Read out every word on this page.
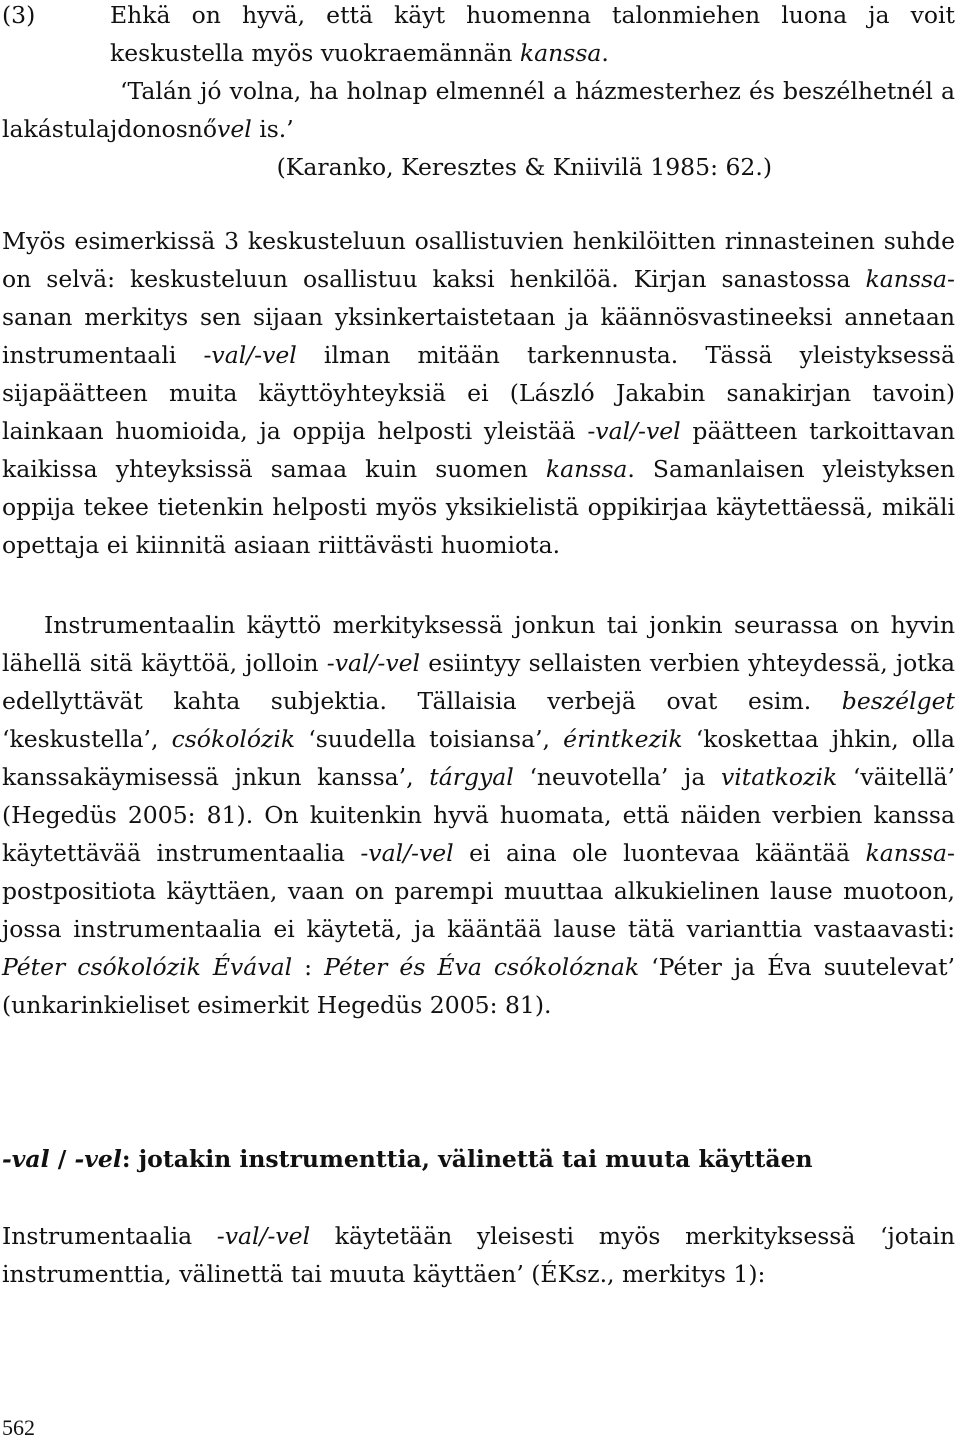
(3)	Ehkä on hyvä, että käyt huomenna talonmiehen luona ja voit keskustella myös vuokraemännän kanssa.
‘Talán jó volna, ha holnap elmennél a házmesterhez és beszélhetnél a lakástulajdonosnővel is.’
(Karanko, Keresztes & Kniivilä 1985: 62.)

Myös esimerkissä 3 keskusteluun osallistuvien henkilöitten rinnasteinen suhde on selvä: keskusteluun osallistuu kaksi henkilöä. Kirjan sanastossa kanssa-sanan merkitys sen sijaan yksinkertaistetaan ja käännösvastineeksi annetaan instrumentaali -val/-vel ilman mitään tarkennusta. Tässä yleistyksessä sijapäätteen muita käyttöyhteyksiä ei (László Jakabin sanakirjan tavoin) lainkaan huomioida, ja oppija helposti yleistää -val/-vel päätteen tarkoittavan kaikissa yhteyksissä samaa kuin suomen kanssa. Samanlaisen yleistyksen oppija tekee tietenkin helposti myös yksikielistä oppikirjaa käytettäessä, mikäli opettaja ei kiinnitä asiaan riittävästi huomiota.

Instrumentaalin käyttö merkityksessä jonkun tai jonkin seurassa on hyvin lähellä sitä käyttöä, jolloin -val/-vel esiintyy sellaisten verbien yhteydessä, jotka edellyttävät kahta subjektia. Tällaisia verbejä ovat esim. beszélget ‘keskustella’, csókolózik ‘suudella toisiansa’, érintkezik ‘koskettaa jhkin, olla kanssakäymisessä jnkun kanssa’, tárgyal ‘neuvotella’ ja vitatkozik ‘väitellä’ (Hegedüs 2005: 81). On kuitenkin hyvä huomata, että näiden verbien kanssa käytettävää instrumentaalia -val/-vel ei aina ole luontevaa kääntää kanssa-postpositiota käyttäen, vaan on parempi muuttaa alkukielinen lause muotoon, jossa instrumentaalia ei käytetä, ja kääntää lause tätä varianttia vastaavasti: Péter csókolózik Évával : Péter és Éva csókolóznak ‘Péter ja Éva suutelevat’ (unkarinkieliset esimerkit Hegedüs 2005: 81).

-val / -vel: jotakin instrumenttia, välinettä tai muuta käyttäen

Instrumentaalia -val/-vel käytetään yleisesti myös merkityksessä ‘jotain instrumenttia, välinettä tai muuta käyttäen’ (ÉKsz., merkitys 1):

562
